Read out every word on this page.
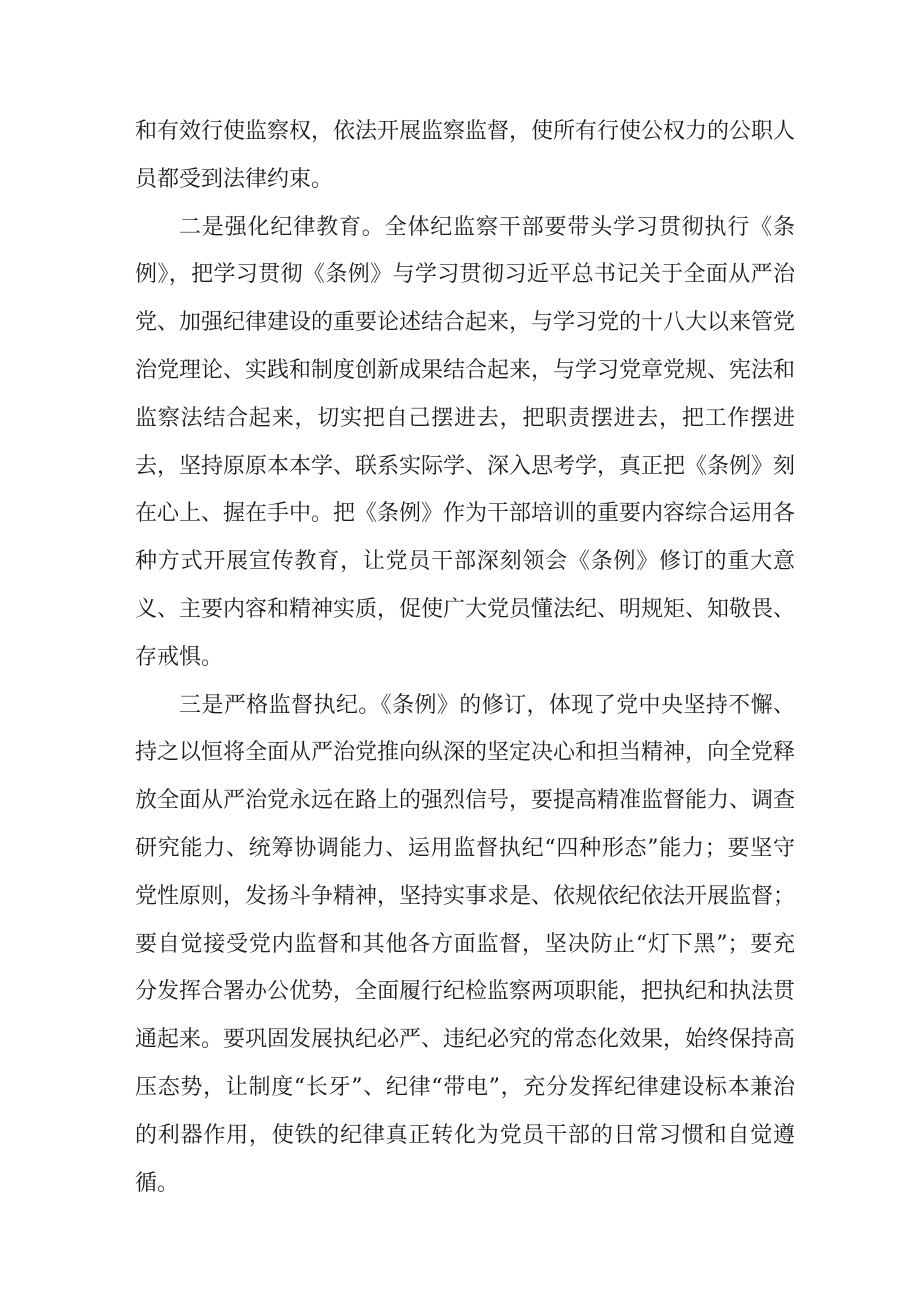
和有效行使监察权，依法开展监察监督，使所有行使公权力的公职人员都受到法律约束。

二是强化纪律教育。全体纪监察干部要带头学习贯彻执行《条例》，把学习贯彻《条例》与学习贯彻习近平总书记关于全面从严治党、加强纪律建设的重要论述结合起来，与学习党的十八大以来管党治党理论、实践和制度创新成果结合起来，与学习党章党规、宪法和监察法结合起来，切实把自己摆进去，把职责摆进去，把工作摆进去，坚持原原本本学、联系实际学、深入思考学，真正把《条例》刻在心上、握在手中。把《条例》作为干部培训的重要内容综合运用各种方式开展宣传教育，让党员干部深刻领会《条例》修订的重大意义、主要内容和精神实质，促使广大党员懂法纪、明规矩、知敬畏、存戒惧。

三是严格监督执纪。《条例》的修订，体现了党中央坚持不懈、持之以恒将全面从严治党推向纵深的坚定决心和担当精神，向全党释放全面从严治党永远在路上的强烈信号，要提高精准监督能力、调查研究能力、统筹协调能力、运用监督执纪“四种形态”能力；要坚守党性原则，发扬斗争精神，坚持实事求是、依规依纪依法开展监督；要自觉接受党内监督和其他各方面监督，坚决防止“灯下黑”；要充分发挥合署办公优势，全面履行纪检监察两项职能，把执纪和执法贯通起来。要巩固发展执纪必严、违纪必究的常态化效果，始终保持高压态势，让制度“长牙”、纪律“带电”，充分发挥纪律建设标本兼治的利器作用，使铁的纪律真正转化为党员干部的日常习惯和自觉遵循。
